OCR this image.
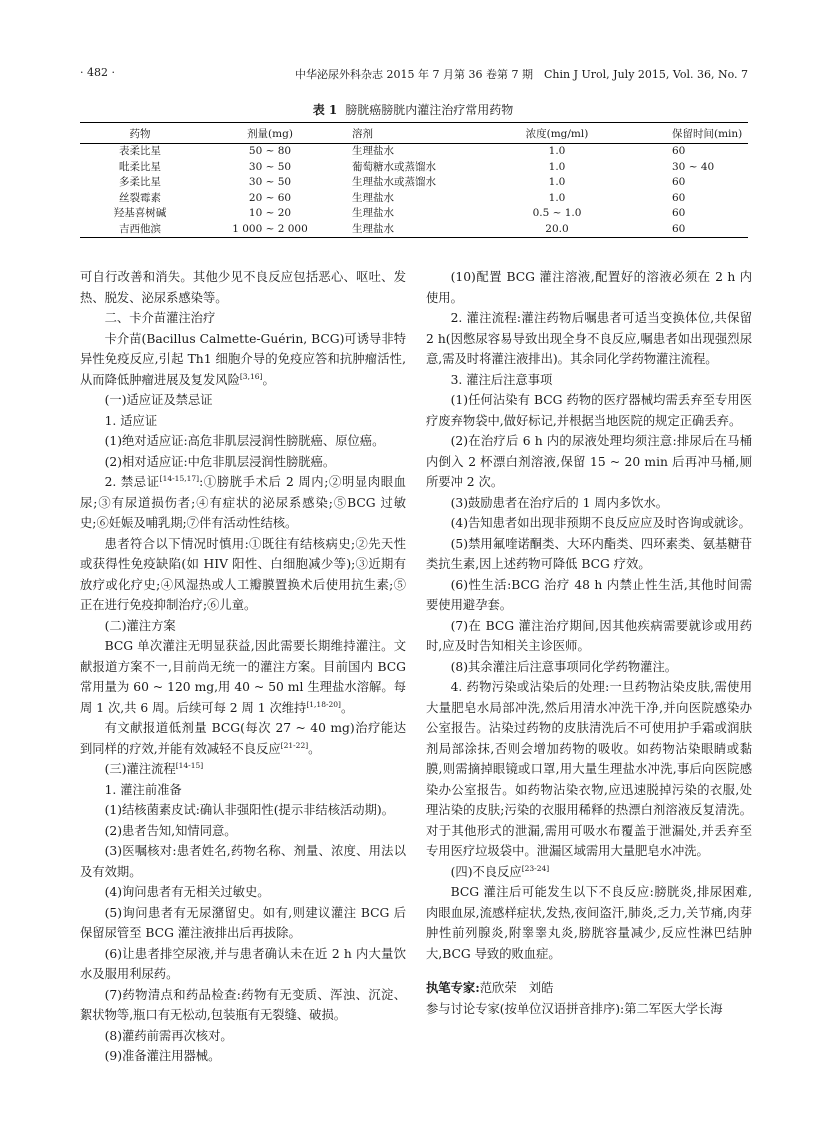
· 482 ·	中华泌尿外科杂志 2015 年 7 月第 36 卷第 7 期　Chin J Urol, July 2015, Vol. 36, No. 7
表 1 膀胱癌膀胱内灌注治疗常用药物
药物	剂量(mg)	溶剂	浓度(mg/ml)	保留时间(min)
表柔比星	50 ~ 80	生理盐水	1.0	60
吡柔比星	30 ~ 50	葡萄糖水或蒸馏水	1.0	30 ~ 40
多柔比星	30 ~ 50	生理盐水或蒸馏水	1.0	60
丝裂霉素	20 ~ 60	生理盐水	1.0	60
羟基喜树碱	10 ~ 20	生理盐水	0.5 ~ 1.0	60
吉西他滨	1 000 ~ 2 000	生理盐水	20.0	60

可自行改善和消失。其他少见不良反应包括恶心、呕吐、发热、脱发、泌尿系感染等。

二、卡介苗灌注治疗

卡介苗(Bacillus Calmette-Guérin, BCG)可诱导非特异性免疫反应,引起 Th1 细胞介导的免疫应答和抗肿瘤活性,从而降低肿瘤进展及复发风险[3,16]。

(一)适应证及禁忌证

1. 适应证

(1)绝对适应证:高危非肌层浸润性膀胱癌、原位癌。

(2)相对适应证:中危非肌层浸润性膀胱癌。

2. 禁忌证[14-15,17]:①膀胱手术后 2 周内;②明显肉眼血尿;③有尿道损伤者;④有症状的泌尿系感染;⑤BCG 过敏史;⑥妊娠及哺乳期;⑦伴有活动性结核。

患者符合以下情况时慎用:①既往有结核病史;②先天性或获得性免疫缺陷(如 HIV 阳性、白细胞减少等);③近期有放疗或化疗史;④风湿热或人工瓣膜置换术后使用抗生素;⑤正在进行免疫抑制治疗;⑥儿童。

(二)灌注方案

BCG 单次灌注无明显获益,因此需要长期维持灌注。文献报道方案不一,目前尚无统一的灌注方案。目前国内 BCG 常用量为 60 ~ 120 mg,用 40 ~ 50 ml 生理盐水溶解。每周 1 次,共 6 周。后续可每 2 周 1 次维持[1,18-20]。

有文献报道低剂量 BCG(每次 27 ~ 40 mg)治疗能达到同样的疗效,并能有效减轻不良反应[21-22]。

(三)灌注流程[14-15]

1. 灌注前准备

(1)结核菌素皮试:确认非强阳性(提示非结核活动期)。

(2)患者告知,知情同意。

(3)医嘱核对:患者姓名,药物名称、剂量、浓度、用法以及有效期。

(4)询问患者有无相关过敏史。

(5)询问患者有无尿潴留史。如有,则建议灌注 BCG 后保留尿管至 BCG 灌注液排出后再拔除。

(6)让患者排空尿液,并与患者确认未在近 2 h 内大量饮水及服用利尿药。

(7)药物清点和药品检查:药物有无变质、浑浊、沉淀、絮状物等,瓶口有无松动,包装瓶有无裂缝、破损。

(8)灌药前需再次核对。

(9)准备灌注用器械。

(10)配置 BCG 灌注溶液,配置好的溶液必须在 2 h 内使用。

2. 灌注流程:灌注药物后嘱患者可适当变换体位,共保留 2 h(因憋尿容易导致出现全身不良反应,嘱患者如出现强烈尿意,需及时将灌注液排出)。其余同化学药物灌注流程。

3. 灌注后注意事项

(1)任何沾染有 BCG 药物的医疗器械均需丢弃至专用医疗废弃物袋中,做好标记,并根据当地医院的规定正确丢弃。

(2)在治疗后 6 h 内的尿液处理均须注意:排尿后在马桶内倒入 2 杯漂白剂溶液,保留 15 ~ 20 min 后再冲马桶,厕所要冲 2 次。

(3)鼓励患者在治疗后的 1 周内多饮水。

(4)告知患者如出现非预期不良反应应及时咨询或就诊。

(5)禁用氟喹诺酮类、大环内酯类、四环素类、氨基糖苷类抗生素,因上述药物可降低 BCG 疗效。

(6)性生活:BCG 治疗 48 h 内禁止性生活,其他时间需要使用避孕套。

(7)在 BCG 灌注治疗期间,因其他疾病需要就诊或用药时,应及时告知相关主诊医师。

(8)其余灌注后注意事项同化学药物灌注。

4. 药物污染或沾染后的处理:一旦药物沾染皮肤,需使用大量肥皂水局部冲洗,然后用清水冲洗干净,并向医院感染办公室报告。沾染过药物的皮肤清洗后不可使用护手霜或润肤剂局部涂抹,否则会增加药物的吸收。如药物沾染眼睛或黏膜,则需摘掉眼镜或口罩,用大量生理盐水冲洗,事后向医院感染办公室报告。如药物沾染衣物,应迅速脱掉污染的衣服,处理沾染的皮肤;污染的衣服用稀释的热漂白剂溶液反复清洗。对于其他形式的泄漏,需用可吸水布覆盖于泄漏处,并丢弃至专用医疗垃圾袋中。泄漏区域需用大量肥皂水冲洗。

(四)不良反应[23-24]

BCG 灌注后可能发生以下不良反应:膀胱炎,排尿困难,肉眼血尿,流感样症状,发热,夜间盗汗,肺炎,乏力,关节痛,肉芽肿性前列腺炎,附睾睾丸炎,膀胱容量减少,反应性淋巴结肿大,BCG 导致的败血症。

执笔专家:范欣荣　刘皓

参与讨论专家(按单位汉语拼音排序):第二军医大学长海
